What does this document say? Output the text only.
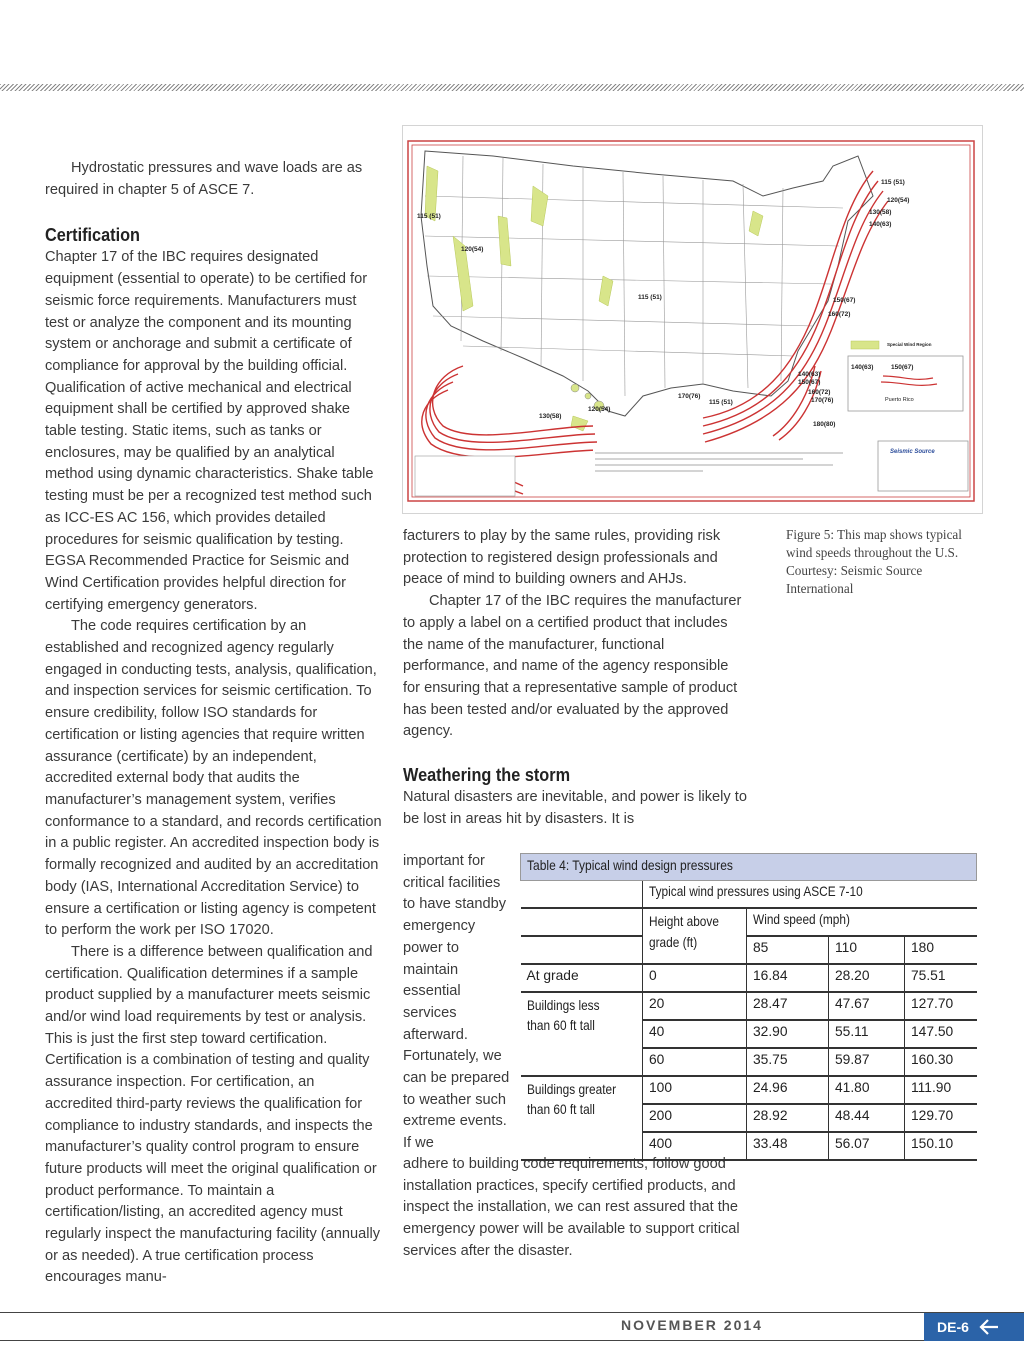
Hydrostatic pressures and wave loads are as required in chapter 5 of ASCE 7.

Certification

Chapter 17 of the IBC requires designated equipment (essential to operate) to be certified for seismic force requirements. Manufacturers must test or analyze the component and its mounting system or anchorage and submit a certificate of compliance for approval by the building official. Qualification of active mechanical and electrical equipment shall be certified by approved shake table testing. Static items, such as tanks or enclosures, may be qualified by an analytical method using dynamic characteristics. Shake table testing must be per a recognized test method such as ICC-ES AC 156, which provides detailed procedures for seismic qualification by testing. EGSA Recommended Practice for Seismic and Wind Certification provides helpful direction for certifying emergency generators.

The code requires certification by an established and recognized agency regularly engaged in conducting tests, analysis, qualification, and inspection services for seismic certification. To ensure credibility, follow ISO standards for certification or listing agencies that require written assurance (certificate) by an independent, accredited external body that audits the manufacturer’s management system, verifies conformance to a standard, and records certification in a public register. An accredited inspection body is formally recognized and audited by an accreditation body (IAS, International Accreditation Service) to ensure a certification or listing agency is competent to perform the work per ISO 17020.

There is a difference between qualification and certification. Qualification determines if a sample product supplied by a manufacturer meets seismic and/or wind load requirements by test or analysis. This is just the first step toward certification. Certification is a combination of testing and quality assurance inspection. For certification, an accredited third-party reviews the qualification for compliance to industry standards, and inspects the manufacturer’s quality control program to ensure future products will meet the original qualification or product performance. To maintain a certification/listing, an accredited agency must regularly inspect the manufacturing facility (annually or as needed). A true certification process encourages manu-

115 (51)
120(54)
130(58)
140(63)
150(67)
160(72)
140(63)
150(67)
160(72)
170(76)
180(80)
170(76)
115 (51)
115 (51)
120(54)
130(58)
115 (51)
120(54)
140(63)	150(67)
Special Wind Region
Puerto Rico
Seismic Source
Figure 5: This map shows typical wind speeds throughout the U.S. Courtesy: Seismic Source International

facturers to play by the same rules, providing risk protection to registered design professionals and peace of mind to building owners and AHJs.

Chapter 17 of the IBC requires the manufacturer to apply a label on a certified product that includes the name of the manufacturer, functional performance, and name of the agency responsible for ensuring that a representative sample of product has been tested and/or evaluated by the approved agency.

Weathering the storm

Natural disasters are inevitable, and power is likely to be lost in areas hit by disasters. It is

important for critical facilities to have standby emergency power to maintain essential services afterward. Fortunately, we can be prepared to weather such extreme events. If we

adhere to building code requirements, follow good installation practices, specify certified products, and inspect the installation, we can rest assured that the emergency power will be available to support critical services after the disaster.

Table 4: Typical wind design pressures				
	Typical wind pressures using ASCE 7-10			
	Height above grade (ft)	Wind speed (mph)		
		85	110	180
At grade	0	16.84	28.20	75.51
Buildings less than 60 ft tall	20	28.47	47.67	127.70
	40	32.90	55.11	147.50
	60	35.75	59.87	160.30
Buildings greater than 60 ft tall	100	24.96	41.80	111.90
	200	28.92	48.44	129.70
	400	33.48	56.07	150.10
NOVEMBER 2014	DE-6
